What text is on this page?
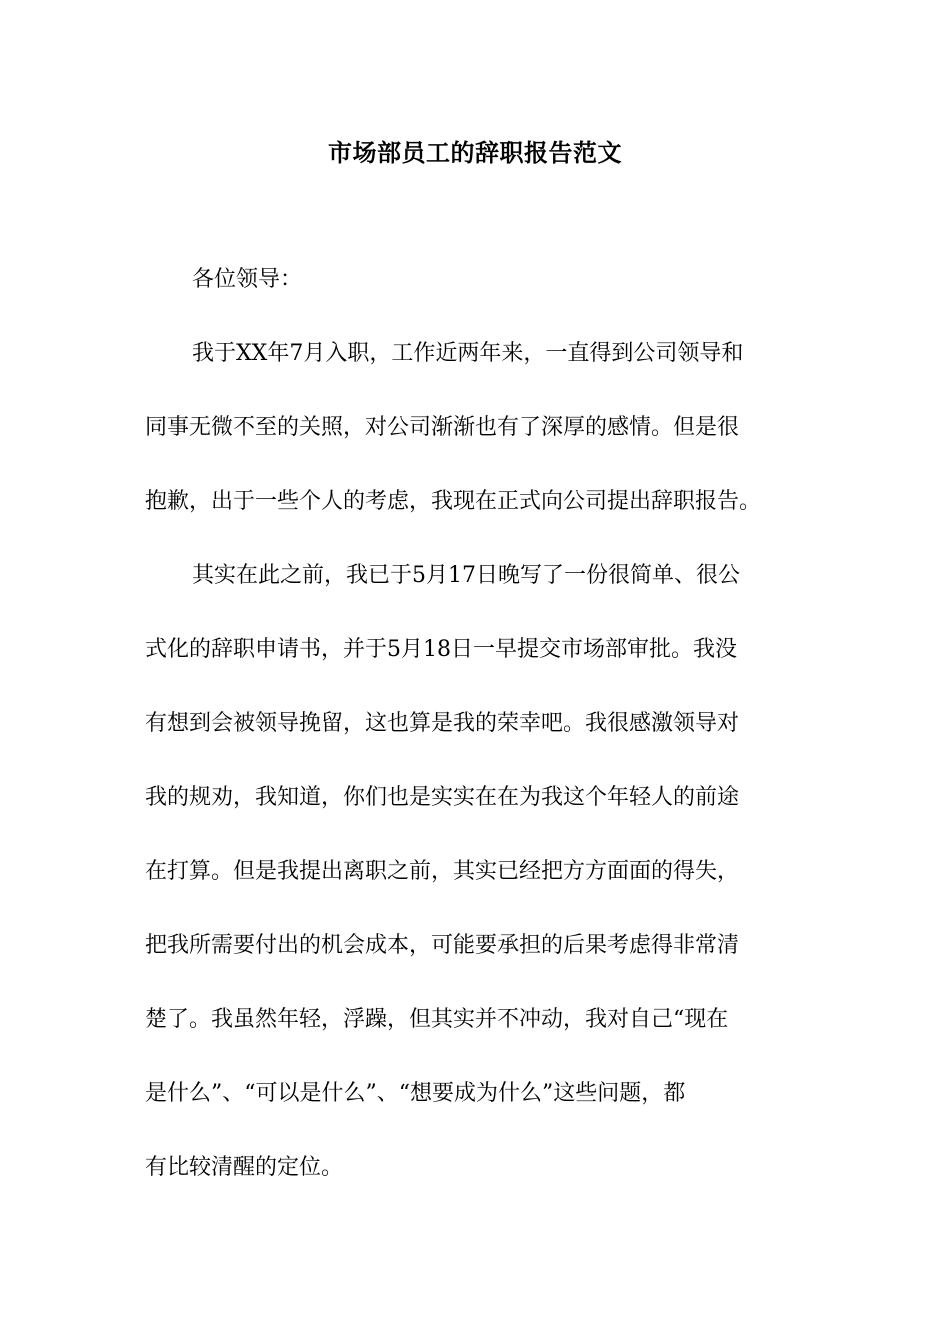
市场部员工的辞职报告范文
各位领导：
我于XX年7月入职，工作近两年来，一直得到公司领导和
同事无微不至的关照，对公司渐渐也有了深厚的感情。但是很
抱歉，出于一些个人的考虑，我现在正式向公司提出辞职报告。
其实在此之前，我已于5月17日晚写了一份很简单、很公
式化的辞职申请书，并于5月18日一早提交市场部审批。我没
有想到会被领导挽留，这也算是我的荣幸吧。我很感激领导对
我的规劝，我知道，你们也是实实在在为我这个年轻人的前途
在打算。但是我提出离职之前，其实已经把方方面面的得失，
把我所需要付出的机会成本，可能要承担的后果考虑得非常清
楚了。我虽然年轻，浮躁，但其实并不冲动，我对自己“现在
是什么”、“可以是什么”、“想要成为什么”这些问题，都
有比较清醒的定位。
